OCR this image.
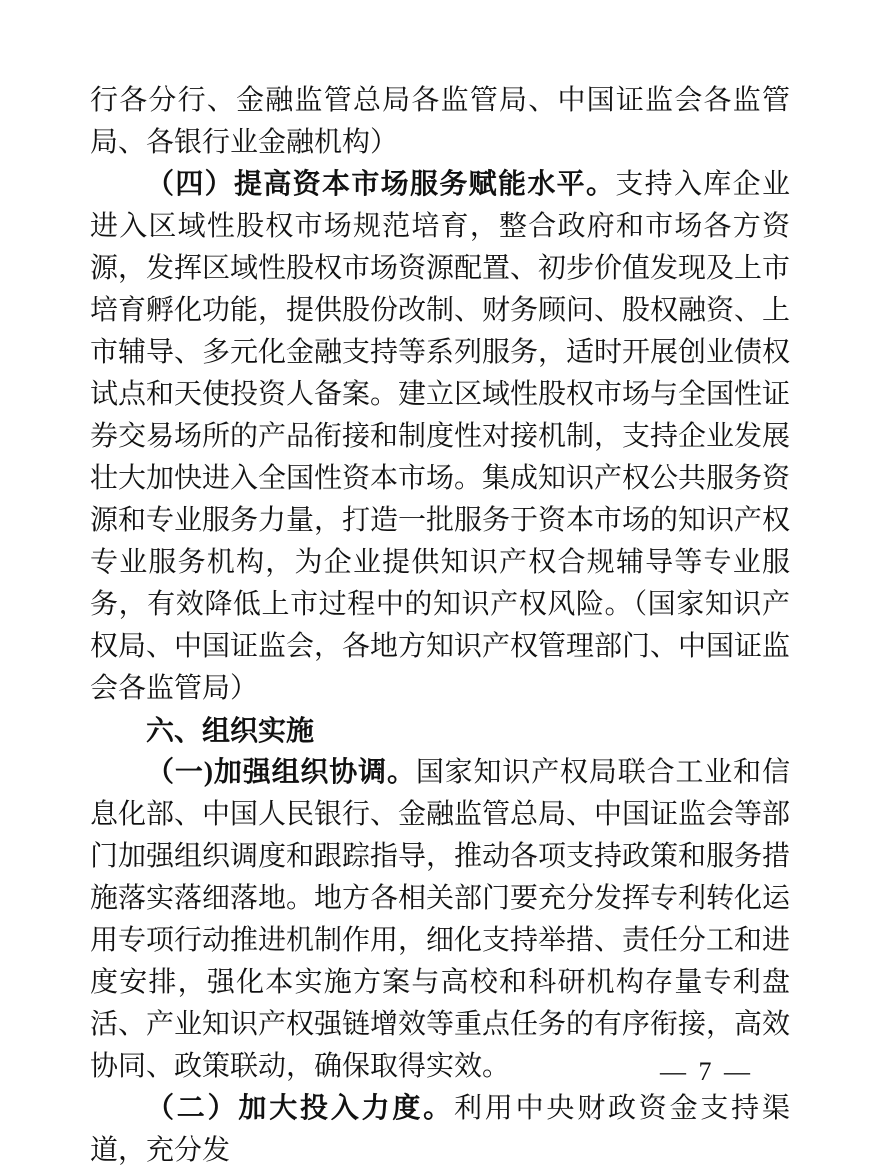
行各分行、金融监管总局各监管局、中国证监会各监管局、各银行业金融机构）

（四）提高资本市场服务赋能水平。支持入库企业进入区域性股权市场规范培育，整合政府和市场各方资源，发挥区域性股权市场资源配置、初步价值发现及上市培育孵化功能，提供股份改制、财务顾问、股权融资、上市辅导、多元化金融支持等系列服务，适时开展创业债权试点和天使投资人备案。建立区域性股权市场与全国性证券交易场所的产品衔接和制度性对接机制，支持企业发展壮大加快进入全国性资本市场。集成知识产权公共服务资源和专业服务力量，打造一批服务于资本市场的知识产权专业服务机构，为企业提供知识产权合规辅导等专业服务，有效降低上市过程中的知识产权风险。（国家知识产权局、中国证监会，各地方知识产权管理部门、中国证监会各监管局）

六、组织实施

（一)加强组织协调。国家知识产权局联合工业和信息化部、中国人民银行、金融监管总局、中国证监会等部门加强组织调度和跟踪指导，推动各项支持政策和服务措施落实落细落地。地方各相关部门要充分发挥专利转化运用专项行动推进机制作用，细化支持举措、责任分工和进度安排，强化本实施方案与高校和科研机构存量专利盘活、产业知识产权强链增效等重点任务的有序衔接，高效协同、政策联动，确保取得实效。

（二）加大投入力度。利用中央财政资金支持渠道，充分发

— 7 —
